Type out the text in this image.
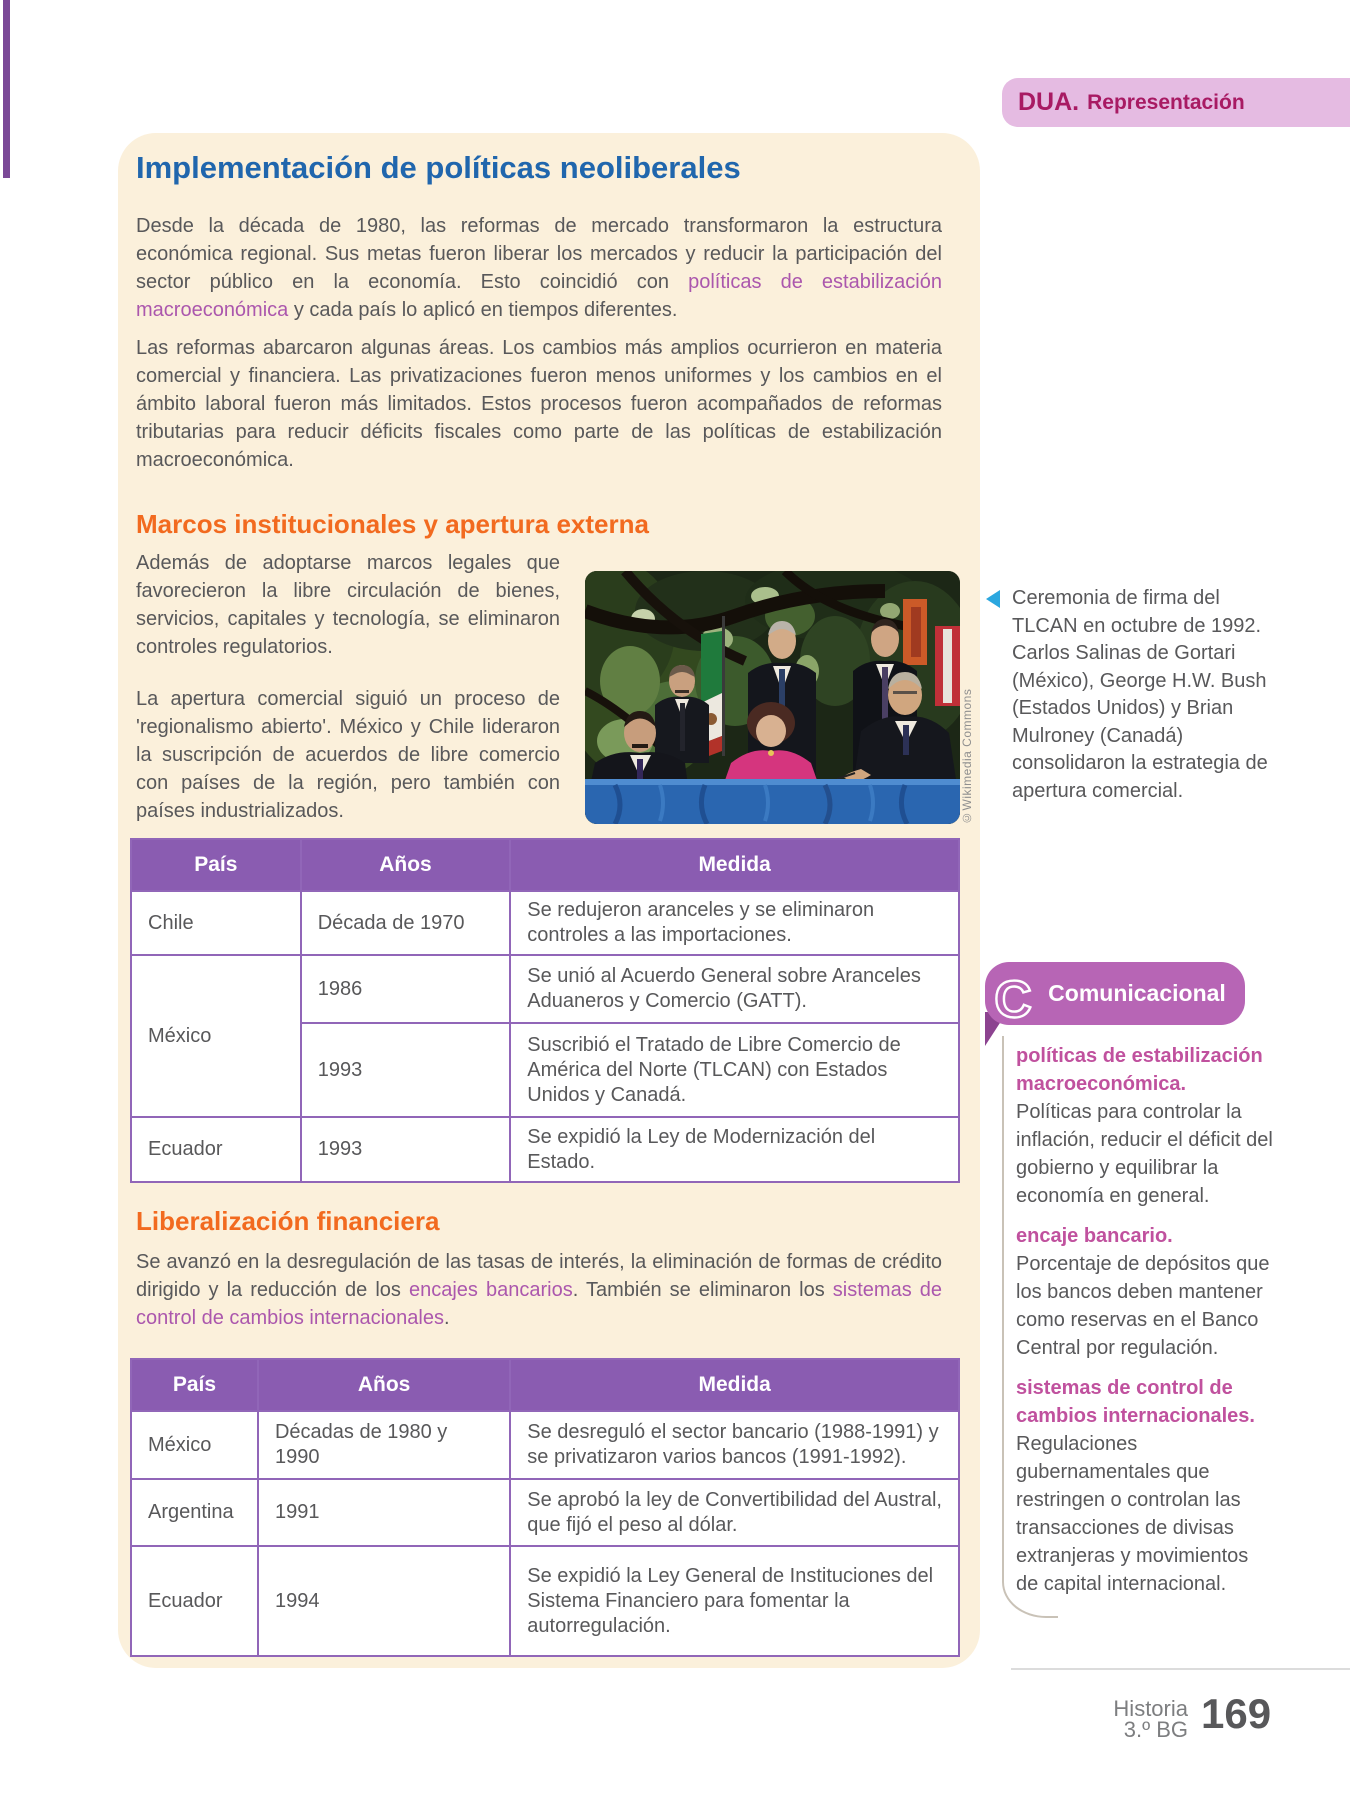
DUA. Representación
Implementación de políticas neoliberales

Desde la década de 1980, las reformas de mercado transformaron la estructura económica regional. Sus metas fueron liberar los mercados y reducir la participación del sector público en la economía. Esto coincidió con políticas de estabilización macroeconómica y cada país lo aplicó en tiempos diferentes.

Las reformas abarcaron algunas áreas. Los cambios más amplios ocurrieron en materia comercial y financiera. Las privatizaciones fueron menos uniformes y los cambios en el ámbito laboral fueron más limitados. Estos procesos fueron acompañados de reformas tributarias para reducir déficits fiscales como parte de las políticas de estabilización macroeconómica.

Marcos institucionales y apertura externa

Además de adoptarse marcos legales que favorecieron la libre circulación de bienes, servicios, capitales y tecnología, se eliminaron controles regulatorios.

La apertura comercial siguió un proceso de 'regionalismo abierto'. México y Chile lideraron la suscripción de acuerdos de libre comercio con países de la región, pero también con países industrializados.	©Wikimedia Commons
Ceremonia de firma del TLCAN en octubre de 1992. Carlos Salinas de Gortari (México), George H.W. Bush (Estados Unidos) y Brian Mulroney (Canadá) consolidaron la estrategia de apertura comercial.
País	Años	Medida
Chile	Década de 1970	Se redujeron aranceles y se eliminaron controles a las importaciones.
México	1986	Se unió al Acuerdo General sobre Aranceles Aduaneros y Comercio (GATT).
	1993	Suscribió el Tratado de Libre Comercio de América del Norte (TLCAN) con Estados Unidos y Canadá.
Ecuador	1993	Se expidió la Ley de Modernización del Estado.
Liberalización financiera

Se avanzó en la desregulación de las tasas de interés, la eliminación de formas de crédito dirigido y la reducción de los encajes bancarios. También se eliminaron los sistemas de control de cambios internacionales.

País	Años	Medida
México	Décadas de 1980 y 1990	Se desreguló el sector bancario (1988-1991) y se privatizaron varios bancos (1991-1992).
Argentina	1991	Se aprobó la ley de Convertibilidad del Austral, que fijó el peso al dólar.
Ecuador	1994	Se expidió la Ley General de Instituciones del Sistema Financiero para fomentar la autorregulación.
Comunicacional
C
políticas de estabilización macroeconómica.
Políticas para controlar la inflación, reducir el déficit del gobierno y equilibrar la economía en general.
encaje bancario.
Porcentaje de depósitos que los bancos deben mantener como reservas en el Banco Central por regulación.
sistemas de control de cambios internacionales.
Regulaciones gubernamentales que restringen o controlan las transacciones de divisas extranjeras y movimientos de capital internacional.
Historia
3.º BG 169
